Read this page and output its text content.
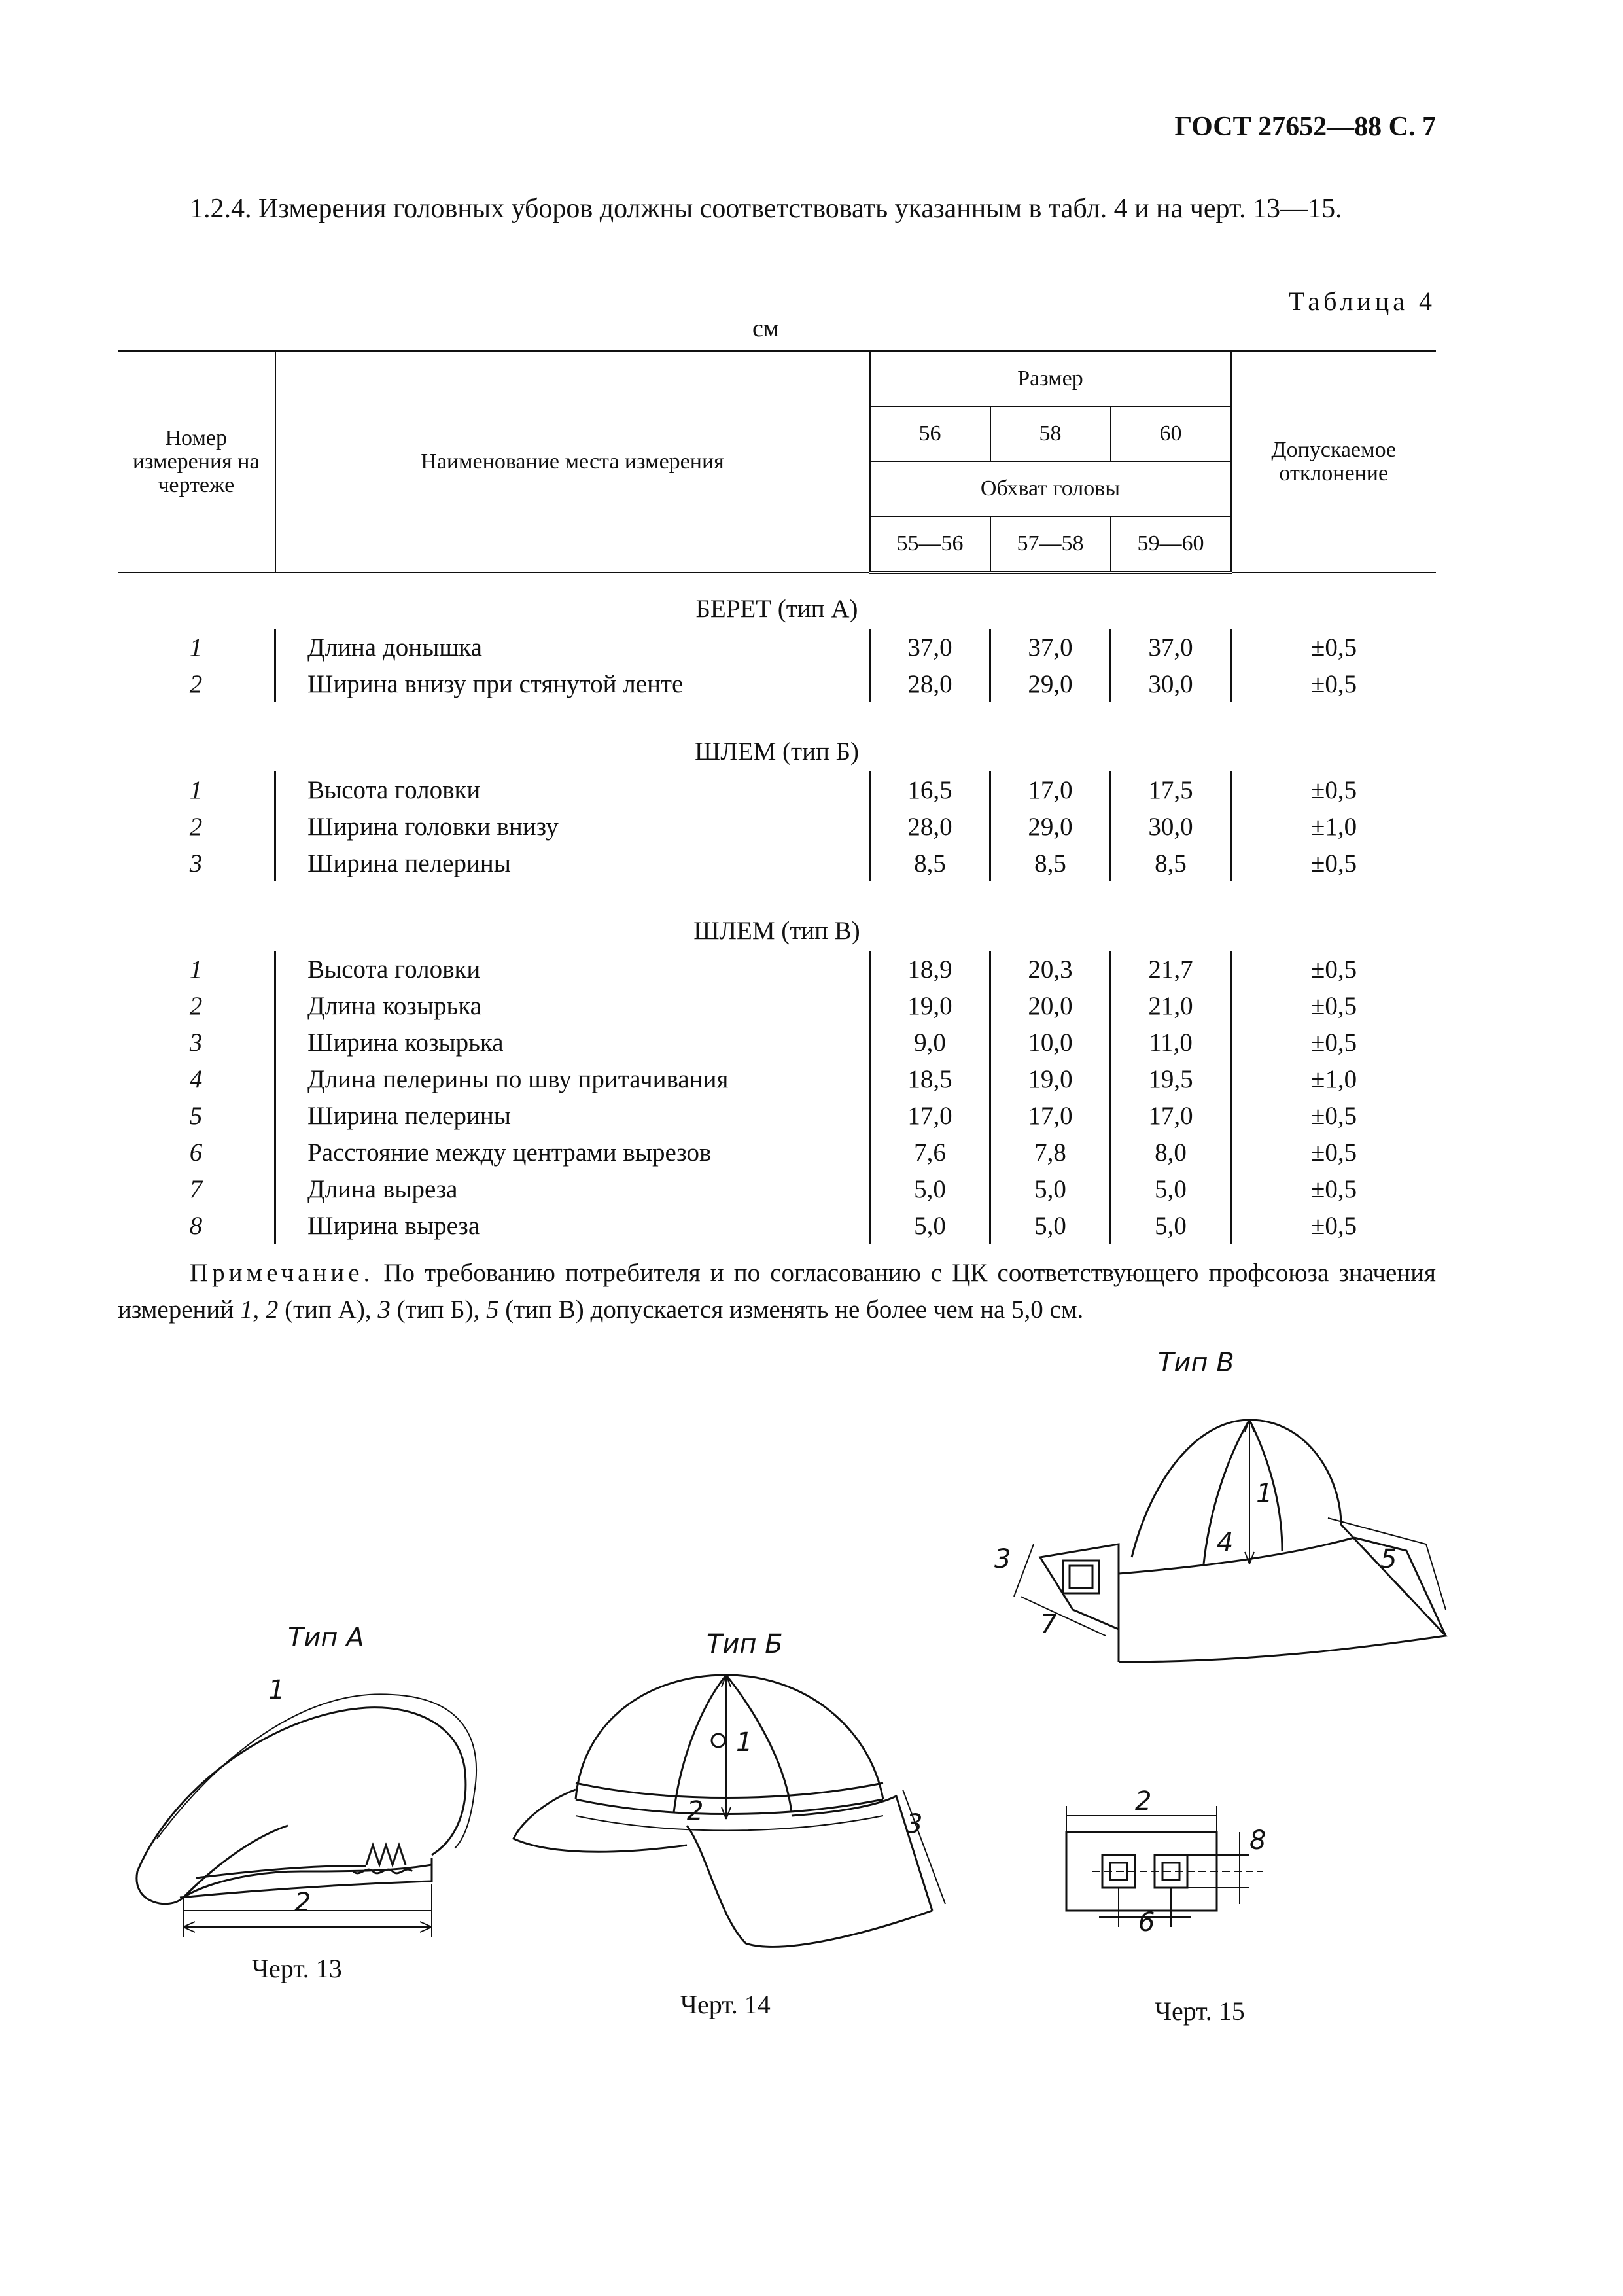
ГОСТ 27652—88 С. 7
1.2.4. Измерения головных уборов должны соответствовать указанным в табл. 4 и на черт. 13—15.
Таблица 4
см
Номер измерения на чертеже	Наименование места измерения	Размер			Допускаемое отклонение
		56	58	60	
		Обхват головы			
		55—56	57—58	59—60	
БЕРЕТ (тип А)					
1	Длина донышка	37,0	37,0	37,0	±0,5
2	Ширина внизу при стянутой ленте	28,0	29,0	30,0	±0,5

ШЛЕМ (тип Б)					
1	Высота головки	16,5	17,0	17,5	±0,5
2	Ширина головки внизу	28,0	29,0	30,0	±1,0
3	Ширина пелерины	8,5	8,5	8,5	±0,5

ШЛЕМ (тип В)					
1	Высота головки	18,9	20,3	21,7	±0,5
2	Длина козырька	19,0	20,0	21,0	±0,5
3	Ширина козырька	9,0	10,0	11,0	±0,5
4	Длина пелерины по шву притачивания	18,5	19,0	19,5	±1,0
5	Ширина пелерины	17,0	17,0	17,0	±0,5
6	Расстояние между центрами вырезов	7,6	7,8	8,0	±0,5
7	Длина выреза	5,0	5,0	5,0	±0,5
8	Ширина выреза	5,0	5,0	5,0	±0,5
Примечание. По требованию потребителя и по согласованию с ЦК соответствующего профсоюза значения измерений 1, 2 (тип А), 3 (тип Б), 5 (тип В) допускается изменять не более чем на 5,0 см.
Тип А
1
2
Черт. 13
Тип Б
1
2	3
Черт. 14
Тип В
1
3
4
5
7
2
8
6
Черт. 15
